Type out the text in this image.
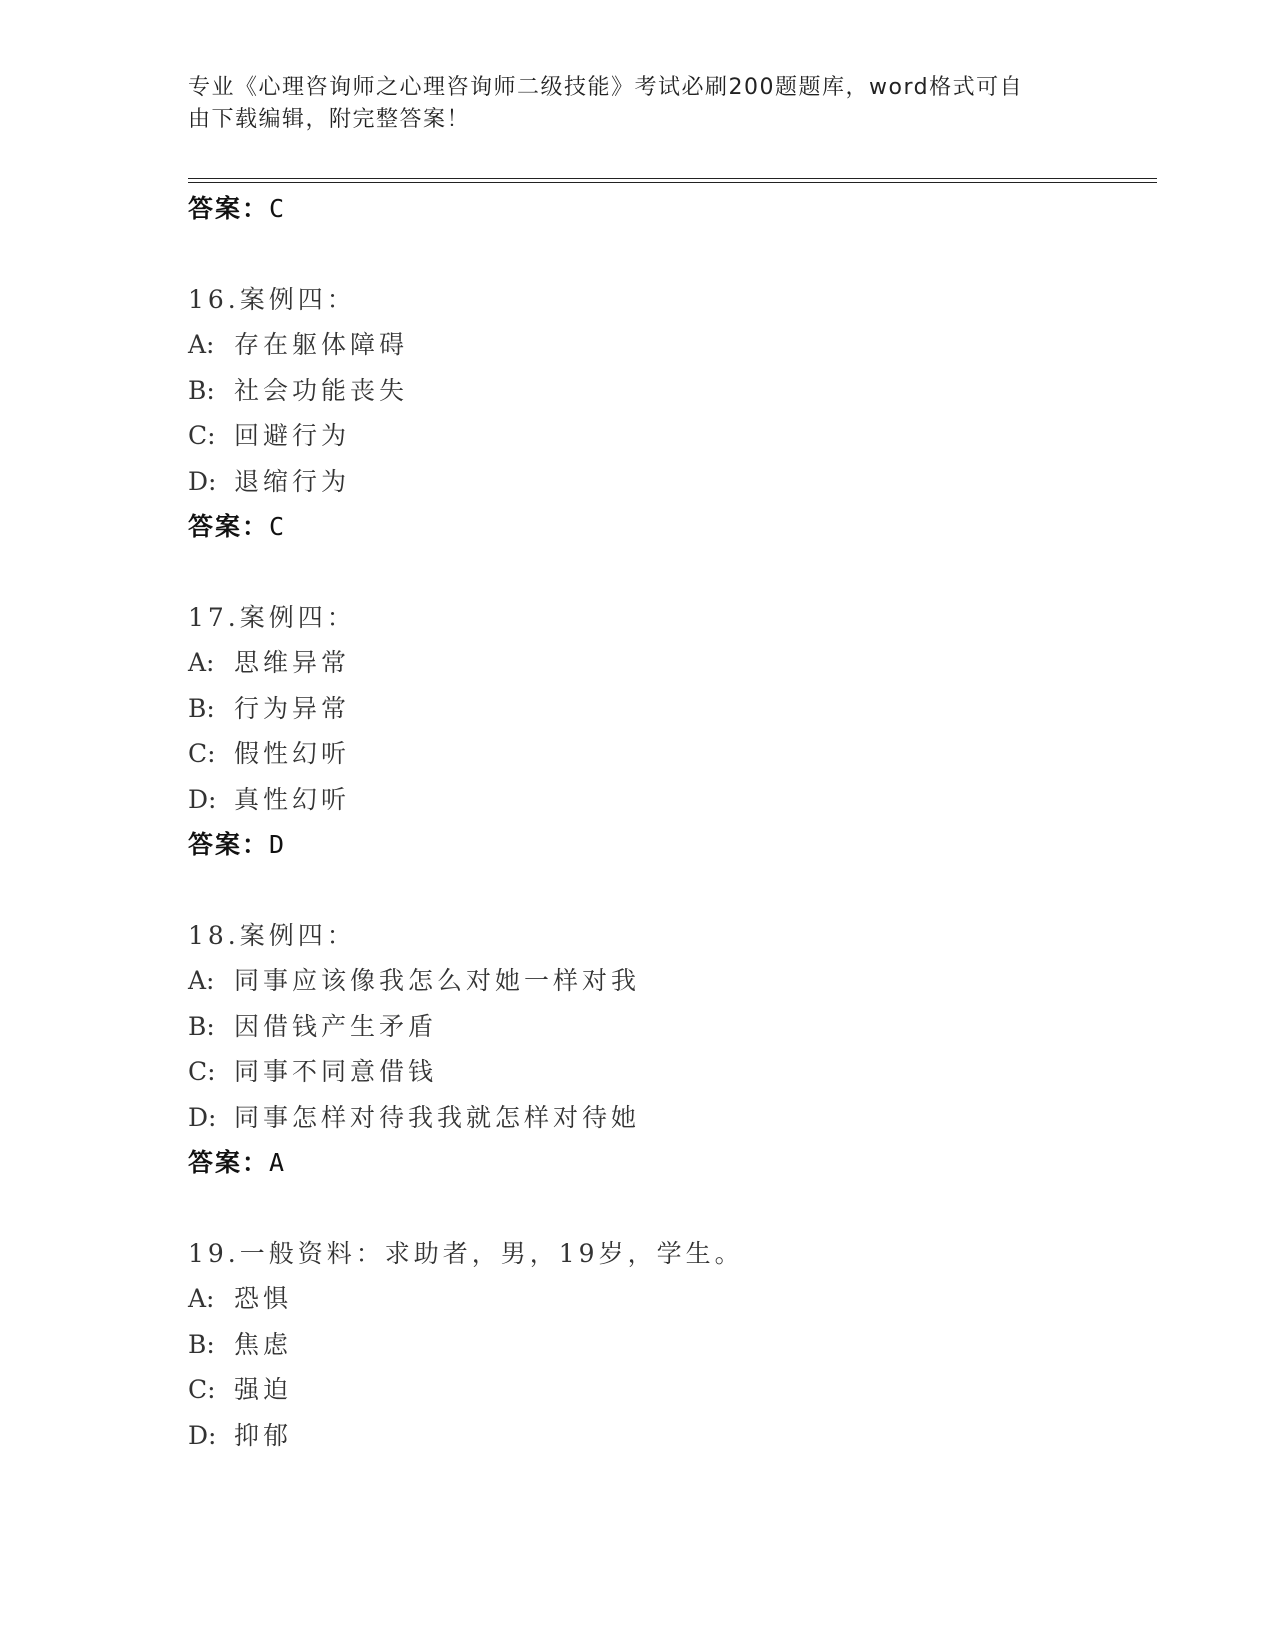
专业《心理咨询师之心理咨询师二级技能》考试必刷200题题库，word格式可自
由下载编辑，附完整答案！
答案：C
16.案例四：
A: 存在躯体障碍
B: 社会功能丧失
C: 回避行为
D: 退缩行为
答案：C
17.案例四：
A: 思维异常
B: 行为异常
C: 假性幻听
D: 真性幻听
答案：D
18.案例四：
A: 同事应该像我怎么对她一样对我
B: 因借钱产生矛盾
C: 同事不同意借钱
D: 同事怎样对待我我就怎样对待她
答案：A
19.一般资料：求助者，男，19岁，学生。
A: 恐惧
B: 焦虑
C: 强迫
D: 抑郁
